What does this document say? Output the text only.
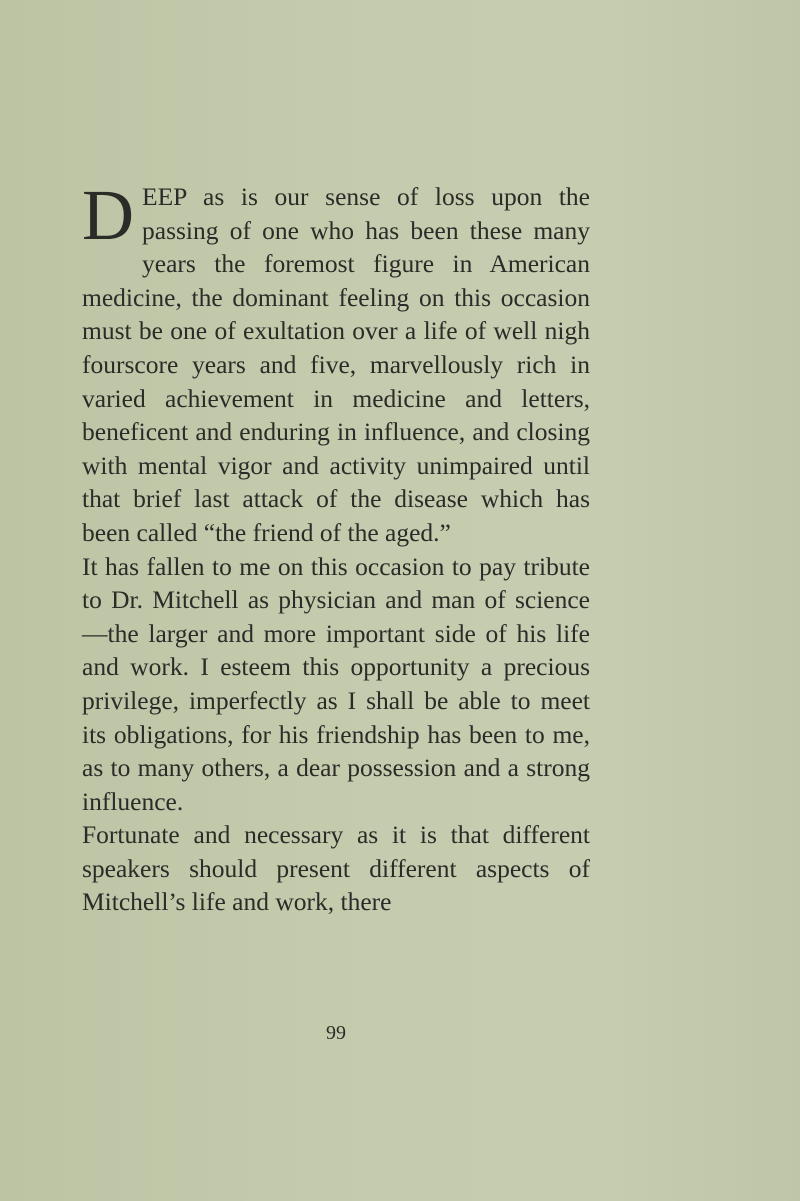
DEEP as is our sense of loss upon the passing of one who has been these many years the foremost figure in American medicine, the dominant feeling on this occasion must be one of exultation over a life of well nigh fourscore years and five, marvellously rich in varied achievement in medicine and letters, beneficent and enduring in influence, and closing with mental vigor and activity unimpaired until that brief last attack of the disease which has been called “the friend of the aged.”

It has fallen to me on this occasion to pay tribute to Dr. Mitchell as physician and man of science—the larger and more important side of his life and work. I esteem this opportunity a precious privilege, imperfectly as I shall be able to meet its obligations, for his friendship has been to me, as to many others, a dear possession and a strong influence.

Fortunate and necessary as it is that different speakers should present different aspects of Mitchell’s life and work, there

99
